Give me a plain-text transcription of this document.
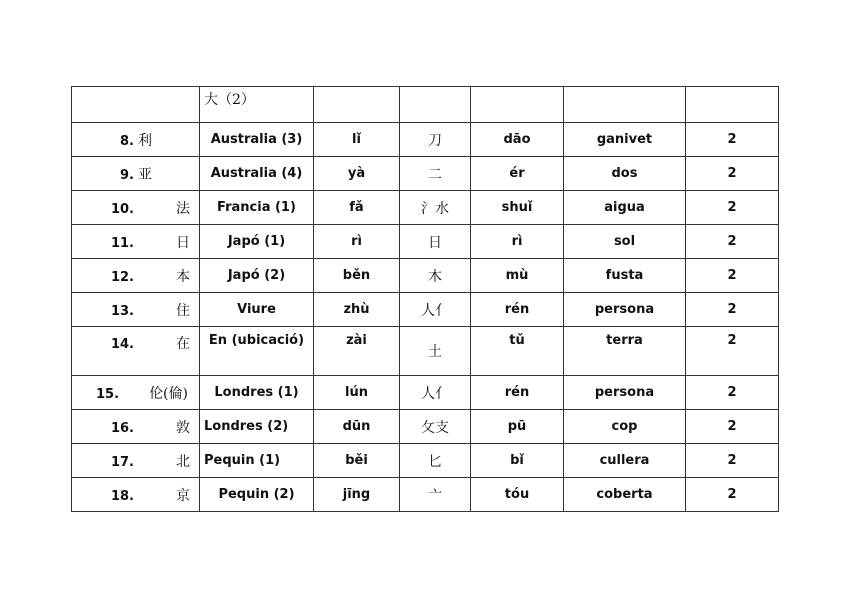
	大（2）					
8. 利	Australia (3)	lǐ	刀	dāo	ganivet	2
9. 亚	Australia (4)	yà	二	ér	dos	2
10. 法	Francia (1)	fǎ	氵水	shuǐ	aigua	2
11. 日	Japó (1)	rì	日	rì	sol	2
12. 本	Japó (2)	běn	木	mù	fusta	2
13. 住	Viure	zhù	人亻	rén	persona	2
14. 在	En (ubicació)	zài	土	tǔ	terra	2
15. 伦(倫)	Londres (1)	lún	人亻	rén	persona	2
16. 敦	Londres (2)	dūn	攵支	pū	cop	2
17. 北	Pequin (1)	běi	匕	bǐ	cullera	2
18. 京	Pequin (2)	jīng	亠	tóu	coberta	2
